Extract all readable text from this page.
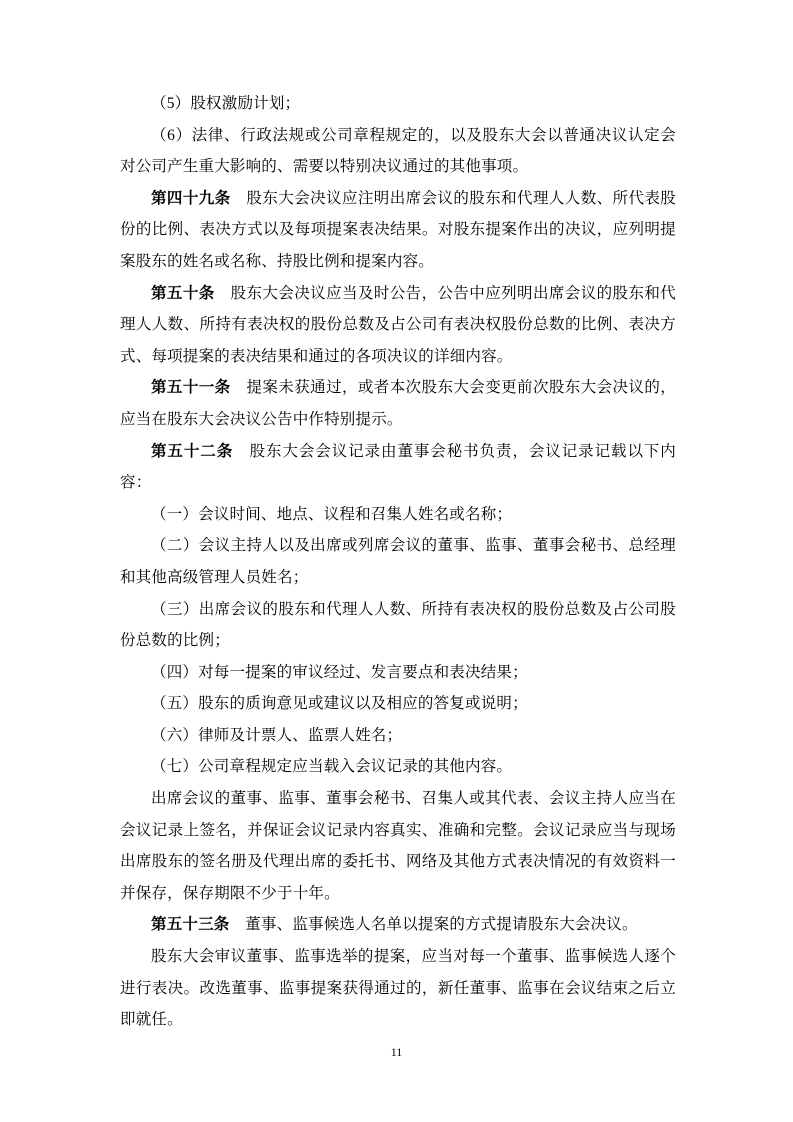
（5）股权激励计划；

（6）法律、行政法规或公司章程规定的，以及股东大会以普通决议认定会对公司产生重大影响的、需要以特别决议通过的其他事项。

第四十九条　股东大会决议应注明出席会议的股东和代理人人数、所代表股份的比例、表决方式以及每项提案表决结果。对股东提案作出的决议，应列明提案股东的姓名或名称、持股比例和提案内容。

第五十条　股东大会决议应当及时公告，公告中应列明出席会议的股东和代理人人数、所持有表决权的股份总数及占公司有表决权股份总数的比例、表决方式、每项提案的表决结果和通过的各项决议的详细内容。

第五十一条　提案未获通过，或者本次股东大会变更前次股东大会决议的，应当在股东大会决议公告中作特别提示。

第五十二条　股东大会会议记录由董事会秘书负责，会议记录记载以下内容：

（一）会议时间、地点、议程和召集人姓名或名称；

（二）会议主持人以及出席或列席会议的董事、监事、董事会秘书、总经理和其他高级管理人员姓名；

（三）出席会议的股东和代理人人数、所持有表决权的股份总数及占公司股份总数的比例；

（四）对每一提案的审议经过、发言要点和表决结果；

（五）股东的质询意见或建议以及相应的答复或说明；

（六）律师及计票人、监票人姓名；

（七）公司章程规定应当载入会议记录的其他内容。

出席会议的董事、监事、董事会秘书、召集人或其代表、会议主持人应当在会议记录上签名，并保证会议记录内容真实、准确和完整。会议记录应当与现场出席股东的签名册及代理出席的委托书、网络及其他方式表决情况的有效资料一并保存，保存期限不少于十年。

第五十三条　董事、监事候选人名单以提案的方式提请股东大会决议。

股东大会审议董事、监事选举的提案，应当对每一个董事、监事候选人逐个进行表决。改选董事、监事提案获得通过的，新任董事、监事在会议结束之后立即就任。

11
